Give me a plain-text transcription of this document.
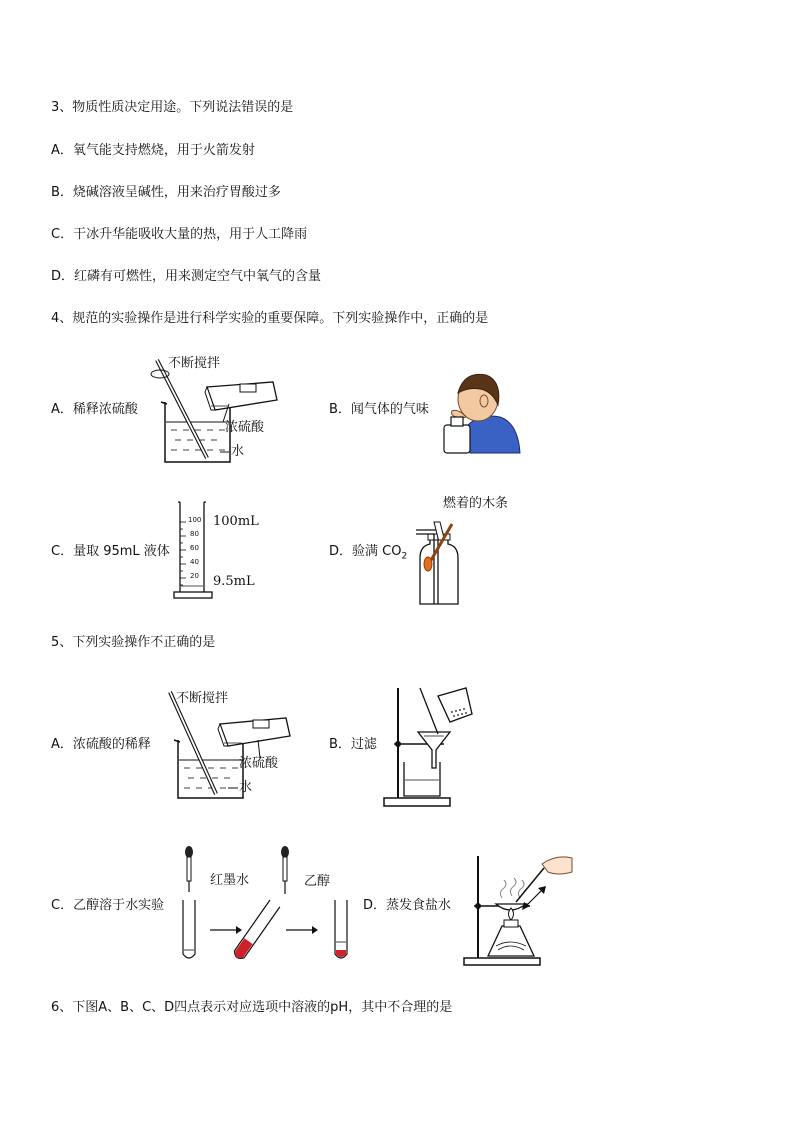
3、物质性质决定用途。下列说法错误的是
A．氧气能支持燃烧，用于火箭发射
B．烧碱溶液呈碱性，用来治疗胃酸过多
C．干冰升华能吸收大量的热，用于人工降雨
D．红磷有可燃性，用来测定空气中氧气的含量
4、规范的实验操作是进行科学实验的重要保障。下列实验操作中，正确的是
A．稀释浓硫酸
不断搅拌
浓硫酸
水
B．闻气体的气味
C．量取 95mL 液体
100
80
60
40
20
100mL
9.5mL
D．验满 $CO_2$
燃着的木条
5、下列实验操作不正确的是
A．浓硫酸的稀释
不断搅拌
浓硫酸
水
B．过滤
C．乙醇溶于水实验
红墨水	乙醇
D．蒸发食盐水
6、下图A、B、C、D四点表示对应选项中溶液的pH，其中不合理的是
